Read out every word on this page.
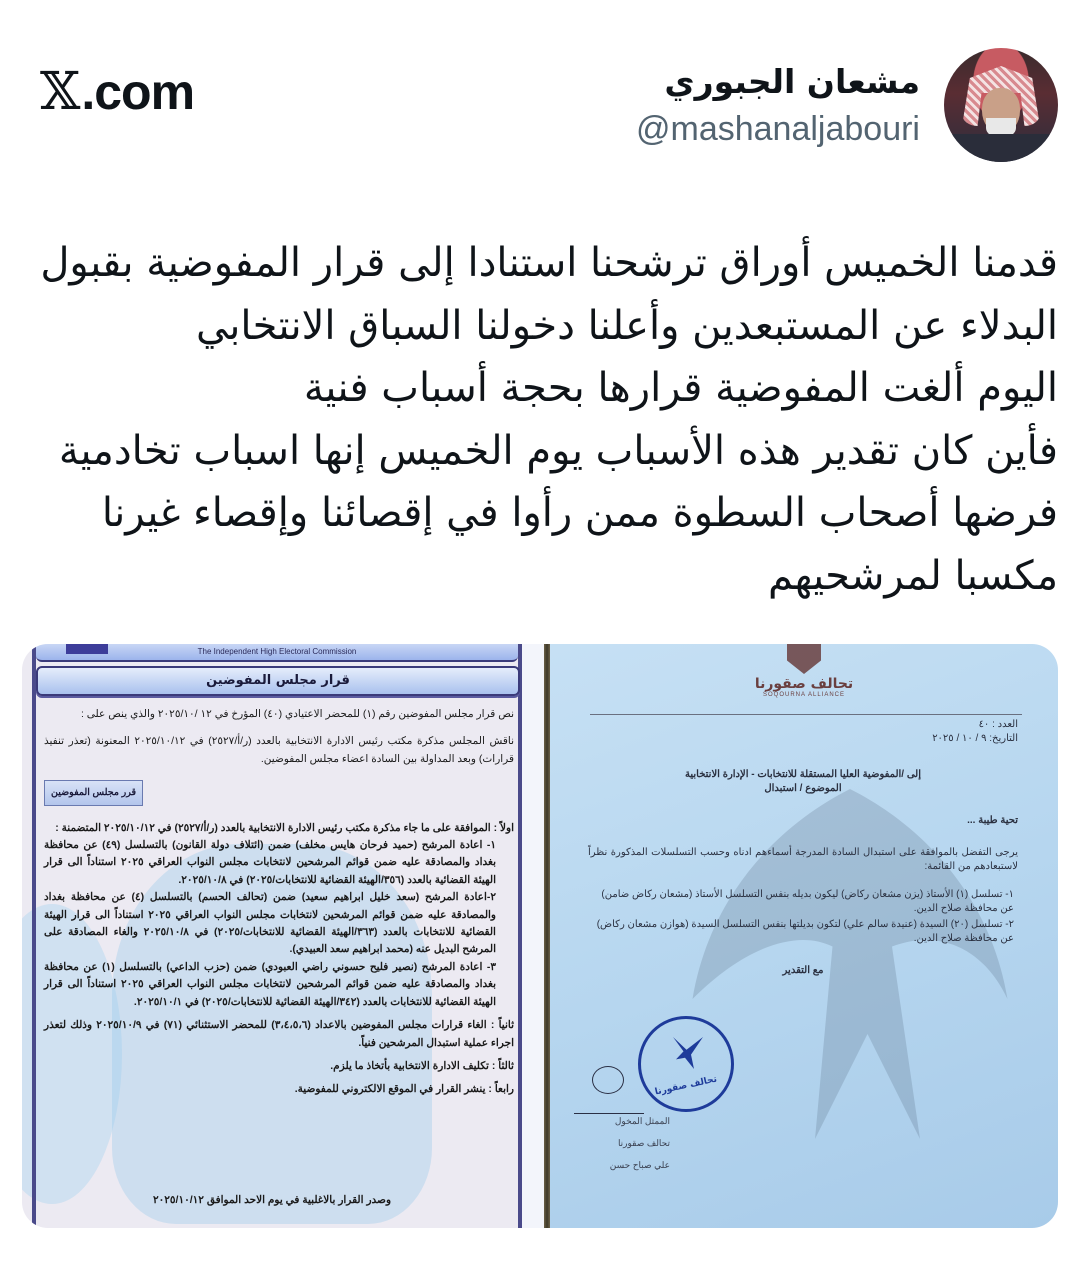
𝕏 .com	مشعان الجبوري
@mashanaljabouri

قدمنا الخميس أوراق ترشحنا استنادا إلى قرار المفوضية بقبول

البدلاء عن المستبعدين وأعلنا دخولنا السباق الانتخابي

اليوم ألغت المفوضية قرارها بحجة أسباب فنية

فأين كان تقدير هذه الأسباب يوم الخميس إنها اسباب تخادمية

فرضها أصحاب السطوة ممن رأوا في إقصائنا وإقصاء غيرنا

مكسبا لمرشحيهم

The Independent High Electoral Commission
قرار مجلس المفوضين
نص قرار مجلس المفوضين رقم (١) للمحضر الاعتيادي (٤٠) المؤرخ في ١٢ /٢٠٢٥/١٠ والذي ينص على :
ناقش المجلس مذكرة مكتب رئيس الادارة الانتخابية بالعدد (ر/أ/٢٥٢٧) في ٢٠٢٥/١٠/١٢ المعنونة (تعذر تنفيذ قرارات) وبعد المداولة بين السادة اعضاء مجلس المفوضين.
قرر مجلس المفوضين
اولاً : الموافقة على ما جاء مذكرة مكتب رئيس الادارة الانتخابية بالعدد (ر/أ/٢٥٢٧) في ٢٠٢٥/١٠/١٢ المتضمنة :
١- اعادة المرشح (حميد فرحان هايس مخلف) ضمن (ائتلاف دولة القانون) بالتسلسل (٤٩) عن محافظة بغداد والمصادقة عليه ضمن قوائم المرشحين لانتخابات مجلس النواب العراقي ٢٠٢٥ استناداً الى قرار الهيئة القضائية بالعدد (٣٥٦/الهيئة القضائية للانتخابات/٢٠٢٥) في ٢٠٢٥/١٠/٨.
٢-اعادة المرشح (سعد خليل ابراهيم سعيد) ضمن (تحالف الحسم) بالتسلسل (٤) عن محافظة بغداد والمصادقة عليه ضمن قوائم المرشحين لانتخابات مجلس النواب العراقي ٢٠٢٥ استناداً الى قرار الهيئة القضائية للانتخابات بالعدد (٣٦٣/الهيئة القضائية للانتخابات/٢٠٢٥) في ٢٠٢٥/١٠/٨ والغاء المصادقة على المرشح البديل عنه (محمد ابراهيم سعد العبيدي).
٣- اعادة المرشح (نصير فليح حسوني راضي العبودي) ضمن (حزب الداعي) بالتسلسل (١) عن محافظة بغداد والمصادقة عليه ضمن قوائم المرشحين لانتخابات مجلس النواب العراقي ٢٠٢٥ استناداً الى قرار الهيئة القضائية للانتخابات بالعدد (٣٤٢/الهيئة القضائية للانتخابات/٢٠٢٥) في ٢٠٢٥/١٠/١.
ثانياً : الغاء قرارات مجلس المفوضين بالاعداد (٣،٤،٥،٦) للمحضر الاستثنائي (٧١) في ٢٠٢٥/١٠/٩ وذلك لتعذر اجراء عملية استبدال المرشحين فنياً.
ثالثاً : تكليف الادارة الانتخابية بأتخاذ ما يلزم.
رابعاً : ينشر القرار في الموقع الالكتروني للمفوضية.
وصدر القرار بالاغلبية في يوم الاحد الموافق ٢٠٢٥/١٠/١٢
تحالف صقورنا
SOQOURNA ALLIANCE
العدد : ٤٠
التاريخ: ٩ / ١٠ / ٢٠٢٥
إلى /المفوضية العليا المستقلة للانتخابات - الإدارة الانتخابية
الموضوع / استبدال
تحية طيبة ...
يرجى التفضل بالموافقة على استبدال السادة المدرجة أسماءهم ادناه وحسب التسلسلات المذكورة نظراً لاستبعادهم من القائمة:
١- تسلسل (١) الأستاذ (يزن مشعان ركاض) ليكون بديله بنفس التسلسل الأستاذ (مشعان ركاض ضامن) عن محافظة صلاح الدين.
٢- تسلسل (٢٠) السيدة (عنيدة سالم علي) لتكون بديلتها بنفس التسلسل السيدة (هوازن مشعان ركاض) عن محافظة صلاح الدين.
مع التقدير
تحالف صقورنا
الممثل المخول
تحالف صقورنا
علي صباح حسن
